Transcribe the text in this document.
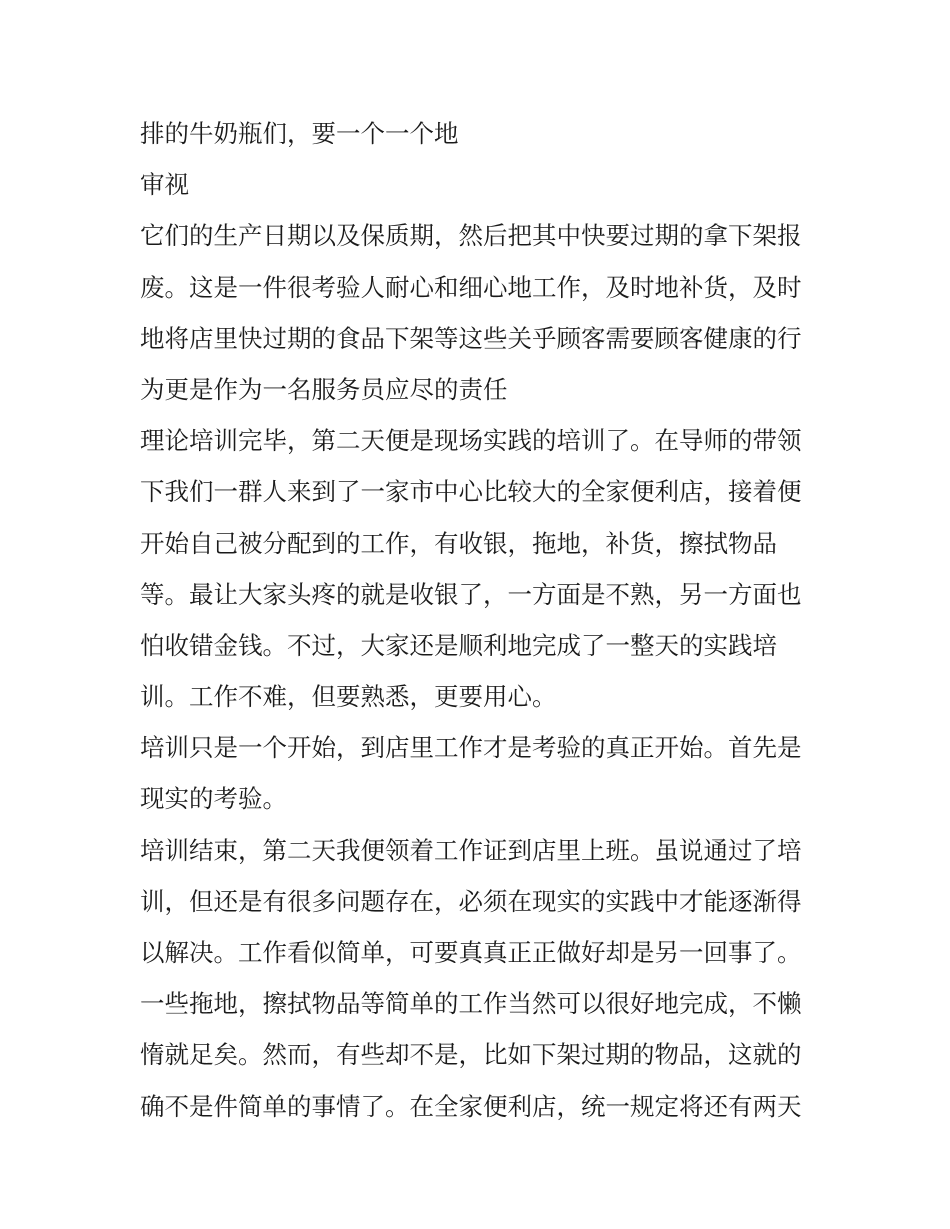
排的牛奶瓶们，要一个一个地
审视
它们的生产日期以及保质期，然后把其中快要过期的拿下架报
废。这是一件很考验人耐心和细心地工作，及时地补货，及时
地将店里快过期的食品下架等这些关乎顾客需要顾客健康的行
为更是作为一名服务员应尽的责任
理论培训完毕，第二天便是现场实践的培训了。在导师的带领
下我们一群人来到了一家市中心比较大的全家便利店，接着便
开始自己被分配到的工作，有收银，拖地，补货，擦拭物品
等。最让大家头疼的就是收银了，一方面是不熟，另一方面也
怕收错金钱。不过，大家还是顺利地完成了一整天的实践培
训。工作不难，但要熟悉，更要用心。
培训只是一个开始，到店里工作才是考验的真正开始。首先是
现实的考验。
培训结束，第二天我便领着工作证到店里上班。虽说通过了培
训，但还是有很多问题存在，必须在现实的实践中才能逐渐得
以解决。工作看似简单，可要真真正正做好却是另一回事了。
一些拖地，擦拭物品等简单的工作当然可以很好地完成，不懒
惰就足矣。然而，有些却不是，比如下架过期的物品，这就的
确不是件简单的事情了。在全家便利店，统一规定将还有两天
